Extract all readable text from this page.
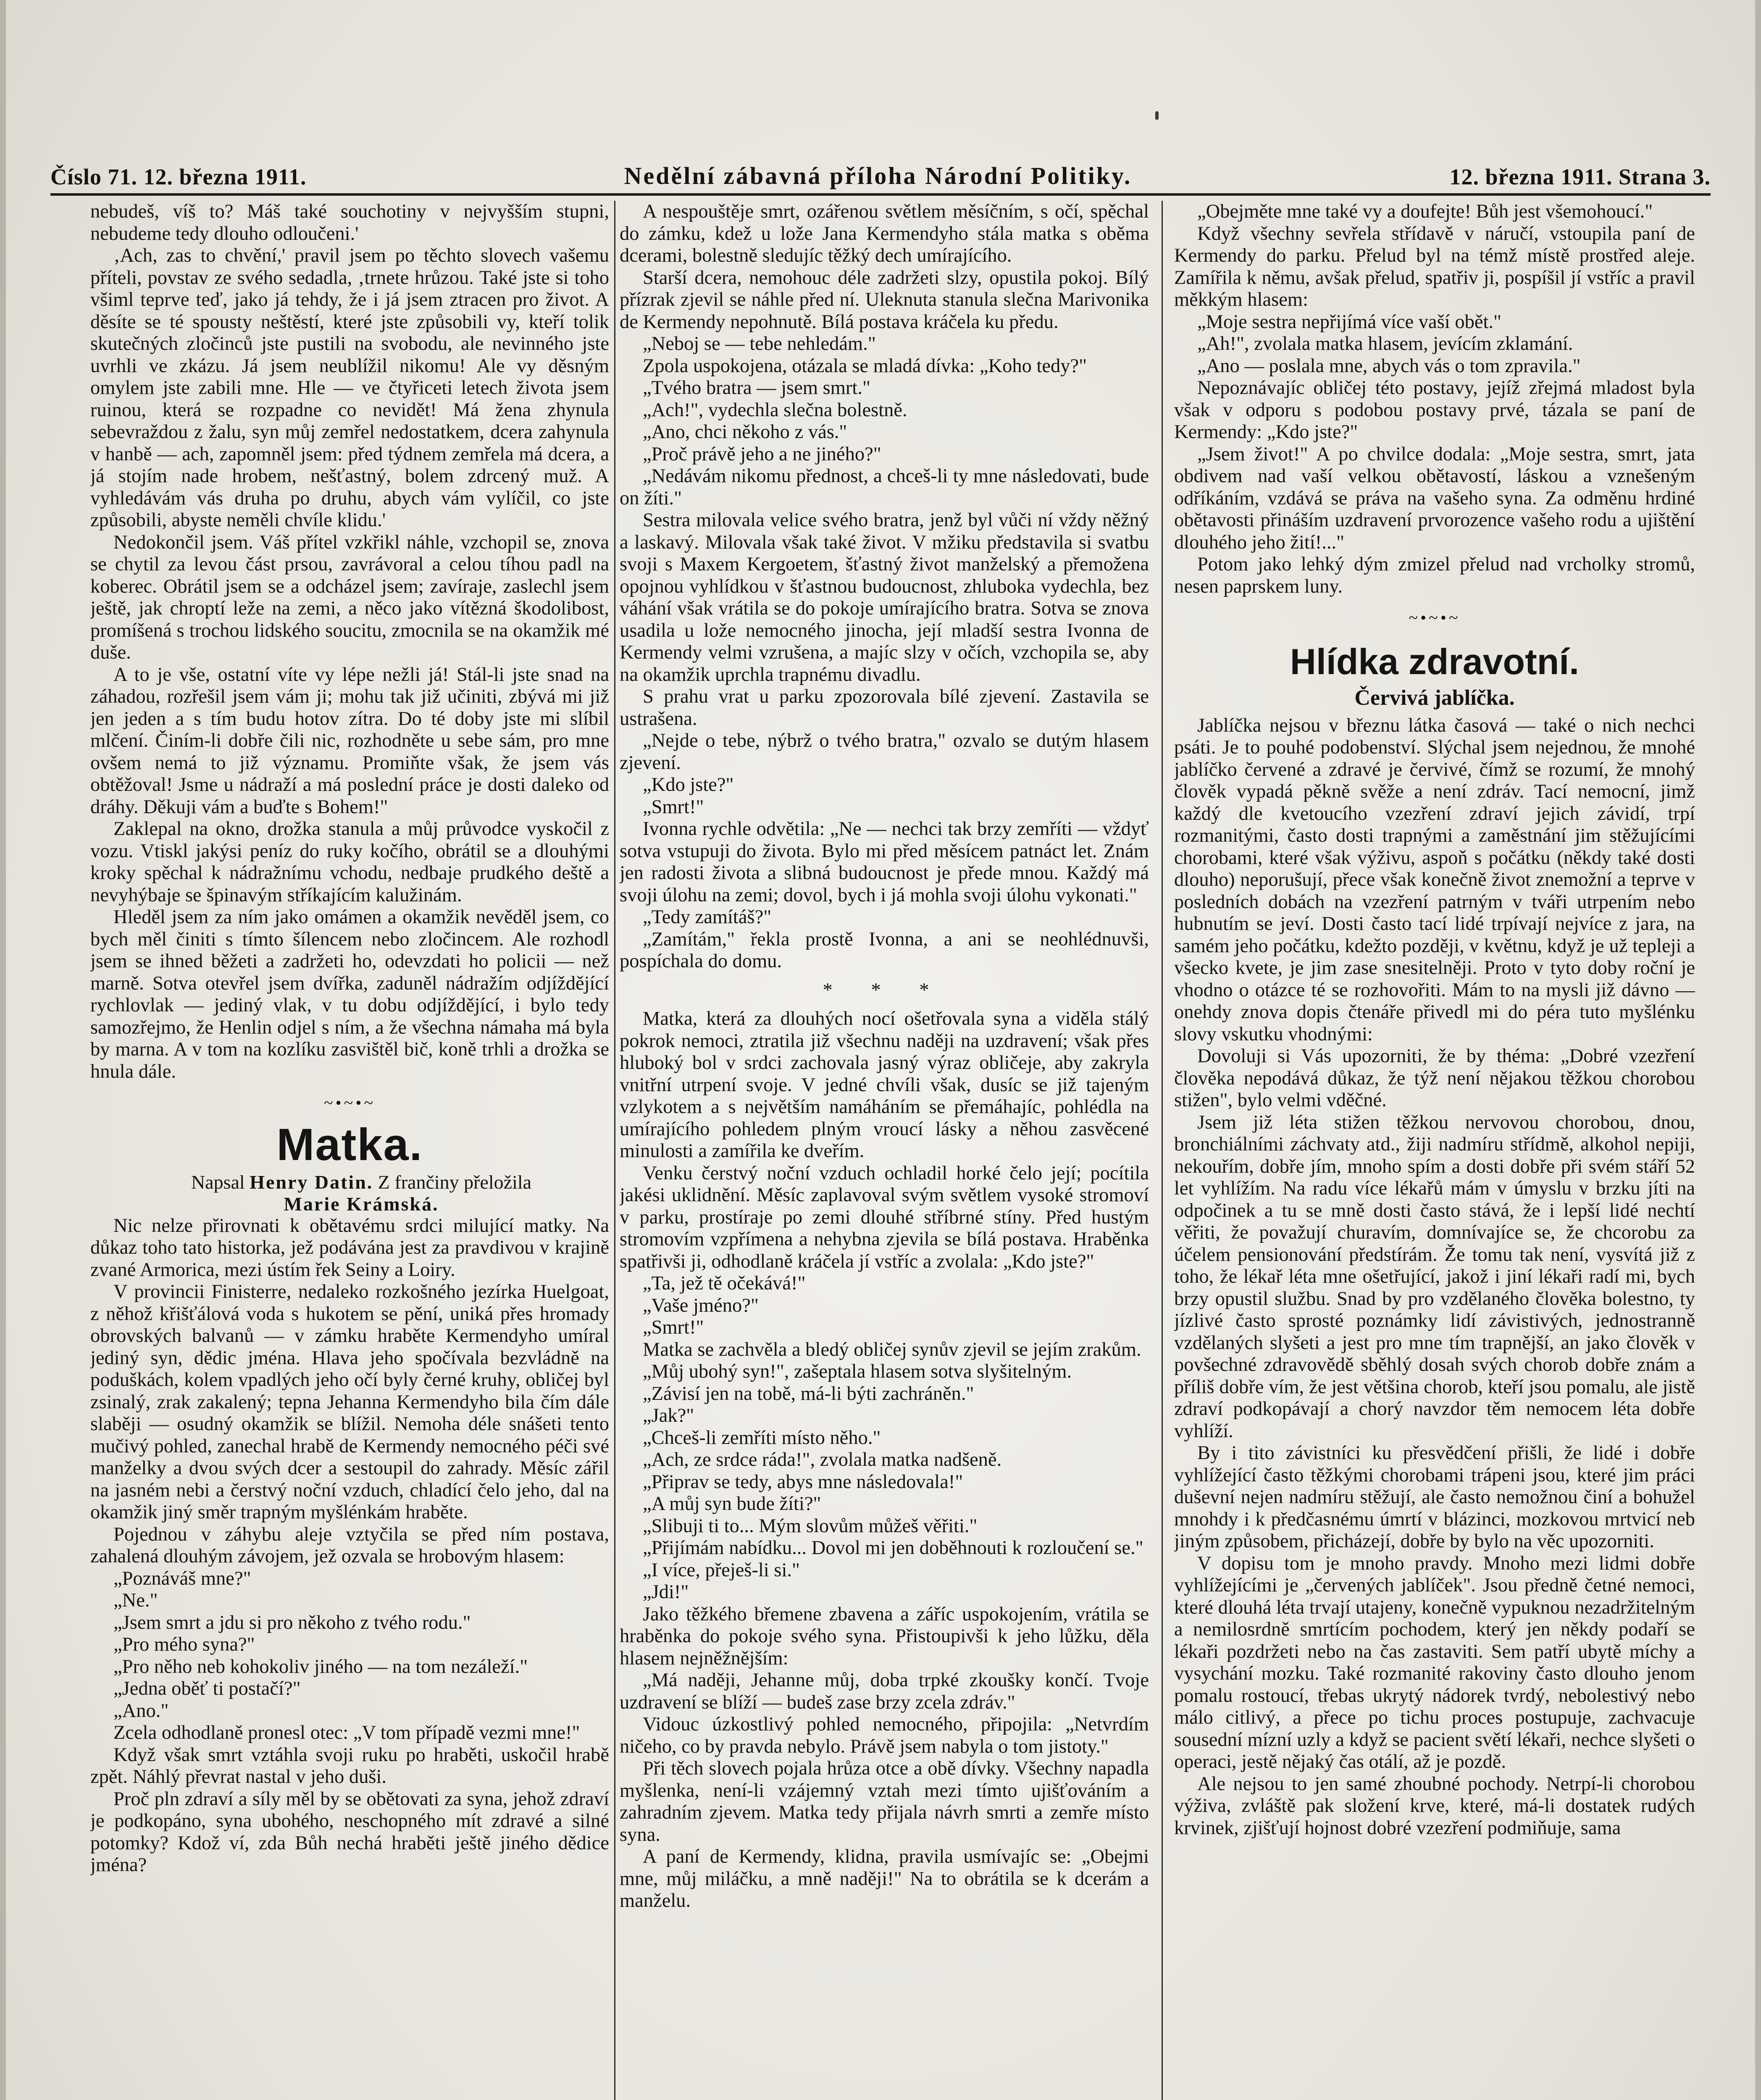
Číslo 71. 12. března 1911.	Nedělní zábavná příloha Národní Politiky.	12. března 1911. Strana 3.

nebudeš, víš to? Máš také souchotiny v nejvyšším stupni, nebudeme tedy dlouho odloučeni.'

‚Ach, zas to chvění,' pravil jsem po těchto slovech vašemu příteli, povstav ze svého sedadla, ‚trnete hrůzou. Také jste si toho všiml teprve teď, jako já tehdy, že i já jsem ztracen pro život. A děsíte se té spousty neštěstí, které jste způsobili vy, kteří tolik skutečných zločinců jste pustili na svobodu, ale nevinného jste uvrhli ve zkázu. Já jsem neublížil nikomu! Ale vy děsným omylem jste zabili mne. Hle — ve čtyřiceti letech života jsem ruinou, která se rozpadne co nevidět! Má žena zhynula sebevraždou z žalu, syn můj zemřel nedostatkem, dcera zahynula v hanbě — ach, zapomněl jsem: před týdnem zemřela má dcera, a já stojím nade hrobem, nešťastný, bolem zdrcený muž. A vyhledávám vás druha po druhu, abych vám vylíčil, co jste způsobili, abyste neměli chvíle klidu.'

Nedokončil jsem. Váš přítel vzkřikl náhle, vzchopil se, znova se chytil za levou část prsou, zavrávoral a celou tíhou padl na koberec. Obrátil jsem se a odcházel jsem; zavíraje, zaslechl jsem ještě, jak chroptí leže na zemi, a něco jako vítězná škodolibost, promíšená s trochou lidského soucitu, zmocnila se na okamžik mé duše.

A to je vše, ostatní víte vy lépe nežli já! Stál-li jste snad na záhadou, rozřešil jsem vám ji; mohu tak již učiniti, zbývá mi již jen jeden a s tím budu hotov zítra. Do té doby jste mi slíbil mlčení. Činím-li dobře čili nic, rozhodněte u sebe sám, pro mne ovšem nemá to již významu. Promiňte však, že jsem vás obtěžoval! Jsme u nádraží a má poslední práce je dosti daleko od dráhy. Děkuji vám a buďte s Bohem!"

Zaklepal na okno, drožka stanula a můj průvodce vyskočil z vozu. Vtiskl jakýsi peníz do ruky kočího, obrátil se a dlouhými kroky spěchal k nádražnímu vchodu, nedbaje prudkého deště a nevyhýbaje se špinavým stříkajícím kalužinám.

Hleděl jsem za ním jako omámen a okamžik nevěděl jsem, co bych měl činiti s tímto šílencem nebo zločincem. Ale rozhodl jsem se ihned běžeti a zadržeti ho, odevzdati ho policii — než marně. Sotva otevřel jsem dvířka, zaduněl nádražím odjíždějící rychlovlak — jediný vlak, v tu dobu odjíždějící, i bylo tedy samozřejmo, že Henlin odjel s ním, a že všechna námaha má byla by marna. A v tom na kozlíku zasvištěl bič, koně trhli a drožka se hnula dále.

~•~•~
Matka.

Napsal Henry Datin. Z frančiny přeložila

Marie Krámská.

Nic nelze přirovnati k obětavému srdci milující matky. Na důkaz toho tato historka, jež podávána jest za pravdivou v krajině zvané Armorica, mezi ústím řek Seiny a Loiry.

V provincii Finisterre, nedaleko rozkošného jezírka Huelgoat, z něhož křišťálová voda s hukotem se pění, uniká přes hromady obrovských balvanů — v zámku hraběte Kermendyho umíral jediný syn, dědic jména. Hlava jeho spočívala bezvládně na poduškách, kolem vpadlých jeho očí byly černé kruhy, obličej byl zsinalý, zrak zakalený; tepna Jehanna Kermendyho bila čím dále slaběji — osudný okamžik se blížil. Nemoha déle snášeti tento mučivý pohled, zanechal hrabě de Kermendy nemocného péči své manželky a dvou svých dcer a sestoupil do zahrady. Měsíc zářil na jasném nebi a čerstvý noční vzduch, chladící čelo jeho, dal na okamžik jiný směr trapným myšlénkám hraběte.

Pojednou v záhybu aleje vztyčila se před ním postava, zahalená dlouhým závojem, jež ozvala se hrobovým hlasem:

„Poznáváš mne?"

„Ne."

„Jsem smrt a jdu si pro někoho z tvého rodu."

„Pro mého syna?"

„Pro něho neb kohokoliv jiného — na tom nezáleží."

„Jedna oběť ti postačí?"

„Ano."

Zcela odhodlaně pronesl otec: „V tom případě vezmi mne!"

Když však smrt vztáhla svoji ruku po hraběti, uskočil hrabě zpět. Náhlý převrat nastal v jeho duši.

Proč pln zdraví a síly měl by se obětovati za syna, jehož zdraví je podkopáno, syna ubohého, neschopného mít zdravé a silné potomky? Kdož ví, zda Bůh nechá hraběti ještě jiného dědice jména?

A nespouštěje smrt, ozářenou světlem měsíčním, s očí, spěchal do zámku, kdež u lože Jana Kermendyho stála matka s oběma dcerami, bolestně sledujíc těžký dech umírajícího.

Starší dcera, nemohouc déle zadržeti slzy, opustila pokoj. Bílý přízrak zjevil se náhle před ní. Uleknuta stanula slečna Marivonika de Kermendy nepohnutě. Bílá postava kráčela ku předu.

„Neboj se — tebe nehledám."

Zpola uspokojena, otázala se mladá dívka: „Koho tedy?"

„Tvého bratra — jsem smrt."

„Ach!", vydechla slečna bolestně.

„Ano, chci někoho z vás."

„Proč právě jeho a ne jiného?"

„Nedávám nikomu přednost, a chceš-li ty mne následovati, bude on žíti."

Sestra milovala velice svého bratra, jenž byl vůči ní vždy něžný a laskavý. Milovala však také život. V mžiku představila si svatbu svoji s Maxem Kergoetem, šťastný život manželský a přemožena opojnou vyhlídkou v šťastnou budoucnost, zhluboka vydechla, bez váhání však vrátila se do pokoje umírajícího bratra. Sotva se znova usadila u lože nemocného jinocha, její mladší sestra Ivonna de Kermendy velmi vzrušena, a majíc slzy v očích, vzchopila se, aby na okamžik uprchla trapnému divadlu.

S prahu vrat u parku zpozorovala bílé zjevení. Zastavila se ustrašena.

„Nejde o tebe, nýbrž o tvého bratra," ozvalo se dutým hlasem zjevení.

„Kdo jste?"

„Smrt!"

Ivonna rychle odvětila: „Ne — nechci tak brzy zemříti — vždyť sotva vstupuji do života. Bylo mi před měsícem patnáct let. Znám jen radosti života a slibná budoucnost je přede mnou. Každý má svoji úlohu na zemi; dovol, bych i já mohla svoji úlohu vykonati."

„Tedy zamítáš?"

„Zamítám," řekla prostě Ivonna, a ani se neohlédnuvši, pospíchala do domu.

* * *

Matka, která za dlouhých nocí ošetřovala syna a viděla stálý pokrok nemoci, ztratila již všechnu naději na uzdravení; však přes hluboký bol v srdci zachovala jasný výraz obličeje, aby zakryla vnitřní utrpení svoje. V jedné chvíli však, dusíc se již tajeným vzlykotem a s největším namáháním se přemáhajíc, pohlédla na umírajícího pohledem plným vroucí lásky a něhou zasvěcené minulosti a zamířila ke dveřím.

Venku čerstvý noční vzduch ochladil horké čelo její; pocítila jakési uklidnění. Měsíc zaplavoval svým světlem vysoké stromoví v parku, prostíraje po zemi dlouhé stříbrné stíny. Před hustým stromovím vzpřímena a nehybna zjevila se bílá postava. Hraběnka spatřivši ji, odhodlaně kráčela jí vstříc a zvolala: „Kdo jste?"

„Ta, jež tě očekává!"

„Vaše jméno?"

„Smrt!"

Matka se zachvěla a bledý obličej synův zjevil se jejím zrakům.

„Můj ubohý syn!", zašeptala hlasem sotva slyšitelným.

„Závisí jen na tobě, má-li býti zachráněn."

„Jak?"

„Chceš-li zemříti místo něho."

„Ach, ze srdce ráda!", zvolala matka nadšeně.

„Připrav se tedy, abys mne následovala!"

„A můj syn bude žíti?"

„Slibuji ti to... Mým slovům můžeš věřiti."

„Přijímám nabídku... Dovol mi jen doběhnouti k rozloučení se."

„I více, přeješ-li si."

„Jdi!"

Jako těžkého břemene zbavena a záříc uspokojením, vrátila se hraběnka do pokoje svého syna. Přistoupivši k jeho lůžku, děla hlasem nejněžnějším:

„Má naději, Jehanne můj, doba trpké zkoušky končí. Tvoje uzdravení se blíží — budeš zase brzy zcela zdráv."

Vidouc úzkostlivý pohled nemocného, připojila: „Netvrdím ničeho, co by pravda nebylo. Právě jsem nabyla o tom jistoty."

Při těch slovech pojala hrůza otce a obě dívky. Všechny napadla myšlenka, není-li vzájemný vztah mezi tímto ujišťováním a zahradním zjevem. Matka tedy přijala návrh smrti a zemře místo syna.

A paní de Kermendy, klidna, pravila usmívajíc se: „Obejmi mne, můj miláčku, a mně naději!" Na to obrátila se k dcerám a manželu.

„Obejměte mne také vy a doufejte! Bůh jest všemohoucí."

Když všechny sevřela střídavě v náručí, vstoupila paní de Kermendy do parku. Přelud byl na témž místě prostřed aleje. Zamířila k němu, avšak přelud, spatřiv ji, pospíšil jí vstříc a pravil měkkým hlasem:

„Moje sestra nepřijímá více vaší obět."

„Ah!", zvolala matka hlasem, jevícím zklamání.

„Ano — poslala mne, abych vás o tom zpravila."

Nepoznávajíc obličej této postavy, jejíž zřejmá mladost byla však v odporu s podobou postavy prvé, tázala se paní de Kermendy: „Kdo jste?"

„Jsem život!" A po chvilce dodala: „Moje sestra, smrt, jata obdivem nad vaší velkou obětavostí, láskou a vznešeným odříkáním, vzdává se práva na vašeho syna. Za odměnu hrdiné obětavosti přináším uzdravení prvorozence vašeho rodu a ujištění dlouhého jeho žití!..."

Potom jako lehký dým zmizel přelud nad vrcholky stromů, nesen paprskem luny.

~•~•~
Hlídka zdravotní.
Červivá jablíčka.

Jablíčka nejsou v březnu látka časová — také o nich nechci psáti. Je to pouhé podobenství. Slýchal jsem nejednou, že mnohé jablíčko červené a zdravé je červivé, čímž se rozumí, že mnohý člověk vypadá pěkně svěže a není zdráv. Tací nemocní, jimž každý dle kvetoucího vzezření zdraví jejich závidí, trpí rozmanitými, často dosti trapnými a zaměstnání jim stěžujícími chorobami, které však výživu, aspoň s počátku (někdy také dosti dlouho) neporušují, přece však konečně život znemožní a teprve v posledních dobách na vzezření patrným v tváři utrpením nebo hubnutím se jeví. Dosti často tací lidé trpívají nejvíce z jara, na samém jeho počátku, kdežto později, v květnu, když je už tepleji a všecko kvete, je jim zase snesitelněji. Proto v tyto doby roční je vhodno o otázce té se rozhovořiti. Mám to na mysli již dávno — onehdy znova dopis čtenáře přivedl mi do péra tuto myšlénku slovy vskutku vhodnými:

Dovoluji si Vás upozorniti, že by théma: „Dobré vzezření člověka nepodává důkaz, že týž není nějakou těžkou chorobou stižen", bylo velmi vděčné.

Jsem již léta stižen těžkou nervovou chorobou, dnou, bronchiálními záchvaty atd., žiji nadmíru střídmě, alkohol nepiji, nekouřím, dobře jím, mnoho spím a dosti dobře při svém stáří 52 let vyhlížím. Na radu více lékařů mám v úmyslu v brzku jíti na odpočinek a tu se mně dosti často stává, že i lepší lidé nechtí věřiti, že považují churavím, domnívajíce se, že chcorobu za účelem pensionování předstírám. Že tomu tak není, vysvítá již z toho, že lékař léta mne ošetřující, jakož i jiní lékaři radí mi, bych brzy opustil službu. Snad by pro vzdělaného člověka bolestno, ty jízlivé často sprosté poznámky lidí závistivých, jednostranně vzdělaných slyšeti a jest pro mne tím trapnější, an jako člověk v povšechné zdravovědě sběhlý dosah svých chorob dobře znám a příliš dobře vím, že jest většina chorob, kteří jsou pomalu, ale jistě zdraví podkopávají a chorý navzdor těm nemocem léta dobře vyhlíží.

By i tito závistníci ku přesvědčení přišli, že lidé i dobře vyhlížející často těžkými chorobami trápeni jsou, které jim práci duševní nejen nadmíru stěžují, ale často nemožnou činí a bohužel mnohdy i k předčasnému úmrtí v blázinci, mozkovou mrtvicí neb jiným způsobem, přicházejí, dobře by bylo na věc upozorniti.

V dopisu tom je mnoho pravdy. Mnoho mezi lidmi dobře vyhlížejícími je „červených jablíček". Jsou předně četné nemoci, které dlouhá léta trvají utajeny, konečně vypuknou nezadržitelným a nemilosrdně smrtícím pochodem, který jen někdy podaří se lékaři pozdržeti nebo na čas zastaviti. Sem patří ubytě míchy a vysychání mozku. Také rozmanité rakoviny často dlouho jenom pomalu rostoucí, třebas ukrytý nádorek tvrdý, nebolestivý nebo málo citlivý, a přece po tichu proces postupuje, zachvacuje sousední mízní uzly a když se pacient světí lékaři, nechce slyšeti o operaci, jestě nějaký čas otálí, až je pozdě.

Ale nejsou to jen samé zhoubné pochody. Netrpí-li chorobou výživa, zvláště pak složení krve, které, má-li dostatek rudých krvinek, zjišťují hojnost dobré vzezření podmiňuje, sama
